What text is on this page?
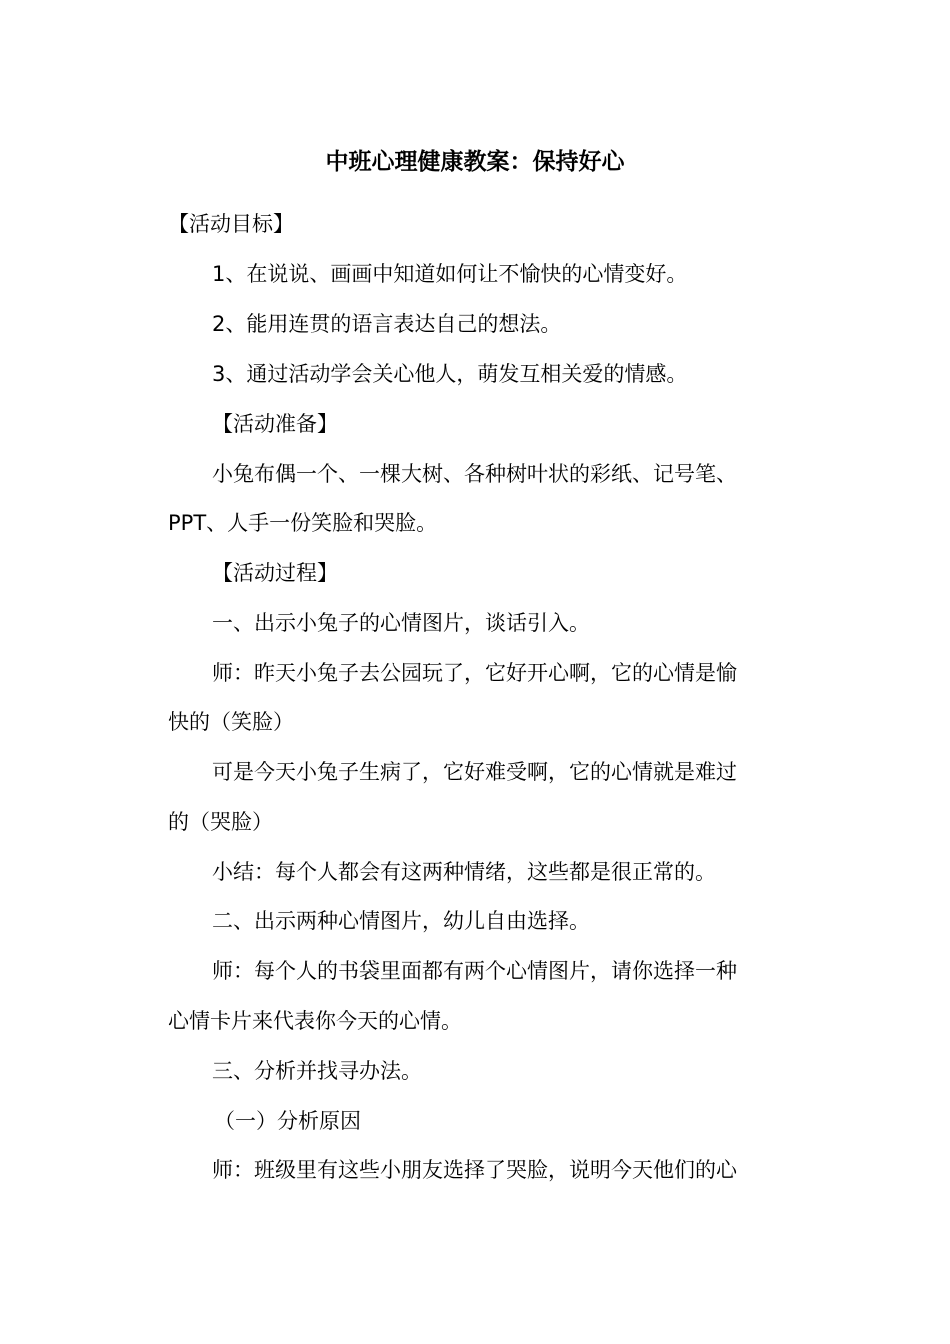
中班心理健康教案：保持好心
【活动目标】
1、在说说、画画中知道如何让不愉快的心情变好。
2、能用连贯的语言表达自己的想法。
3、通过活动学会关心他人，萌发互相关爱的情感。
【活动准备】
小兔布偶一个、一棵大树、各种树叶状的彩纸、记号笔、
PPT、人手一份笑脸和哭脸。
【活动过程】
一、出示小兔子的心情图片，谈话引入。
师：昨天小兔子去公园玩了，它好开心啊，它的心情是愉
快的（笑脸）
可是今天小兔子生病了，它好难受啊，它的心情就是难过
的（哭脸）
小结：每个人都会有这两种情绪，这些都是很正常的。
二、出示两种心情图片，幼儿自由选择。
师：每个人的书袋里面都有两个心情图片，请你选择一种
心情卡片来代表你今天的心情。
三、分析并找寻办法。
（一）分析原因
师：班级里有这些小朋友选择了哭脸，说明今天他们的心
